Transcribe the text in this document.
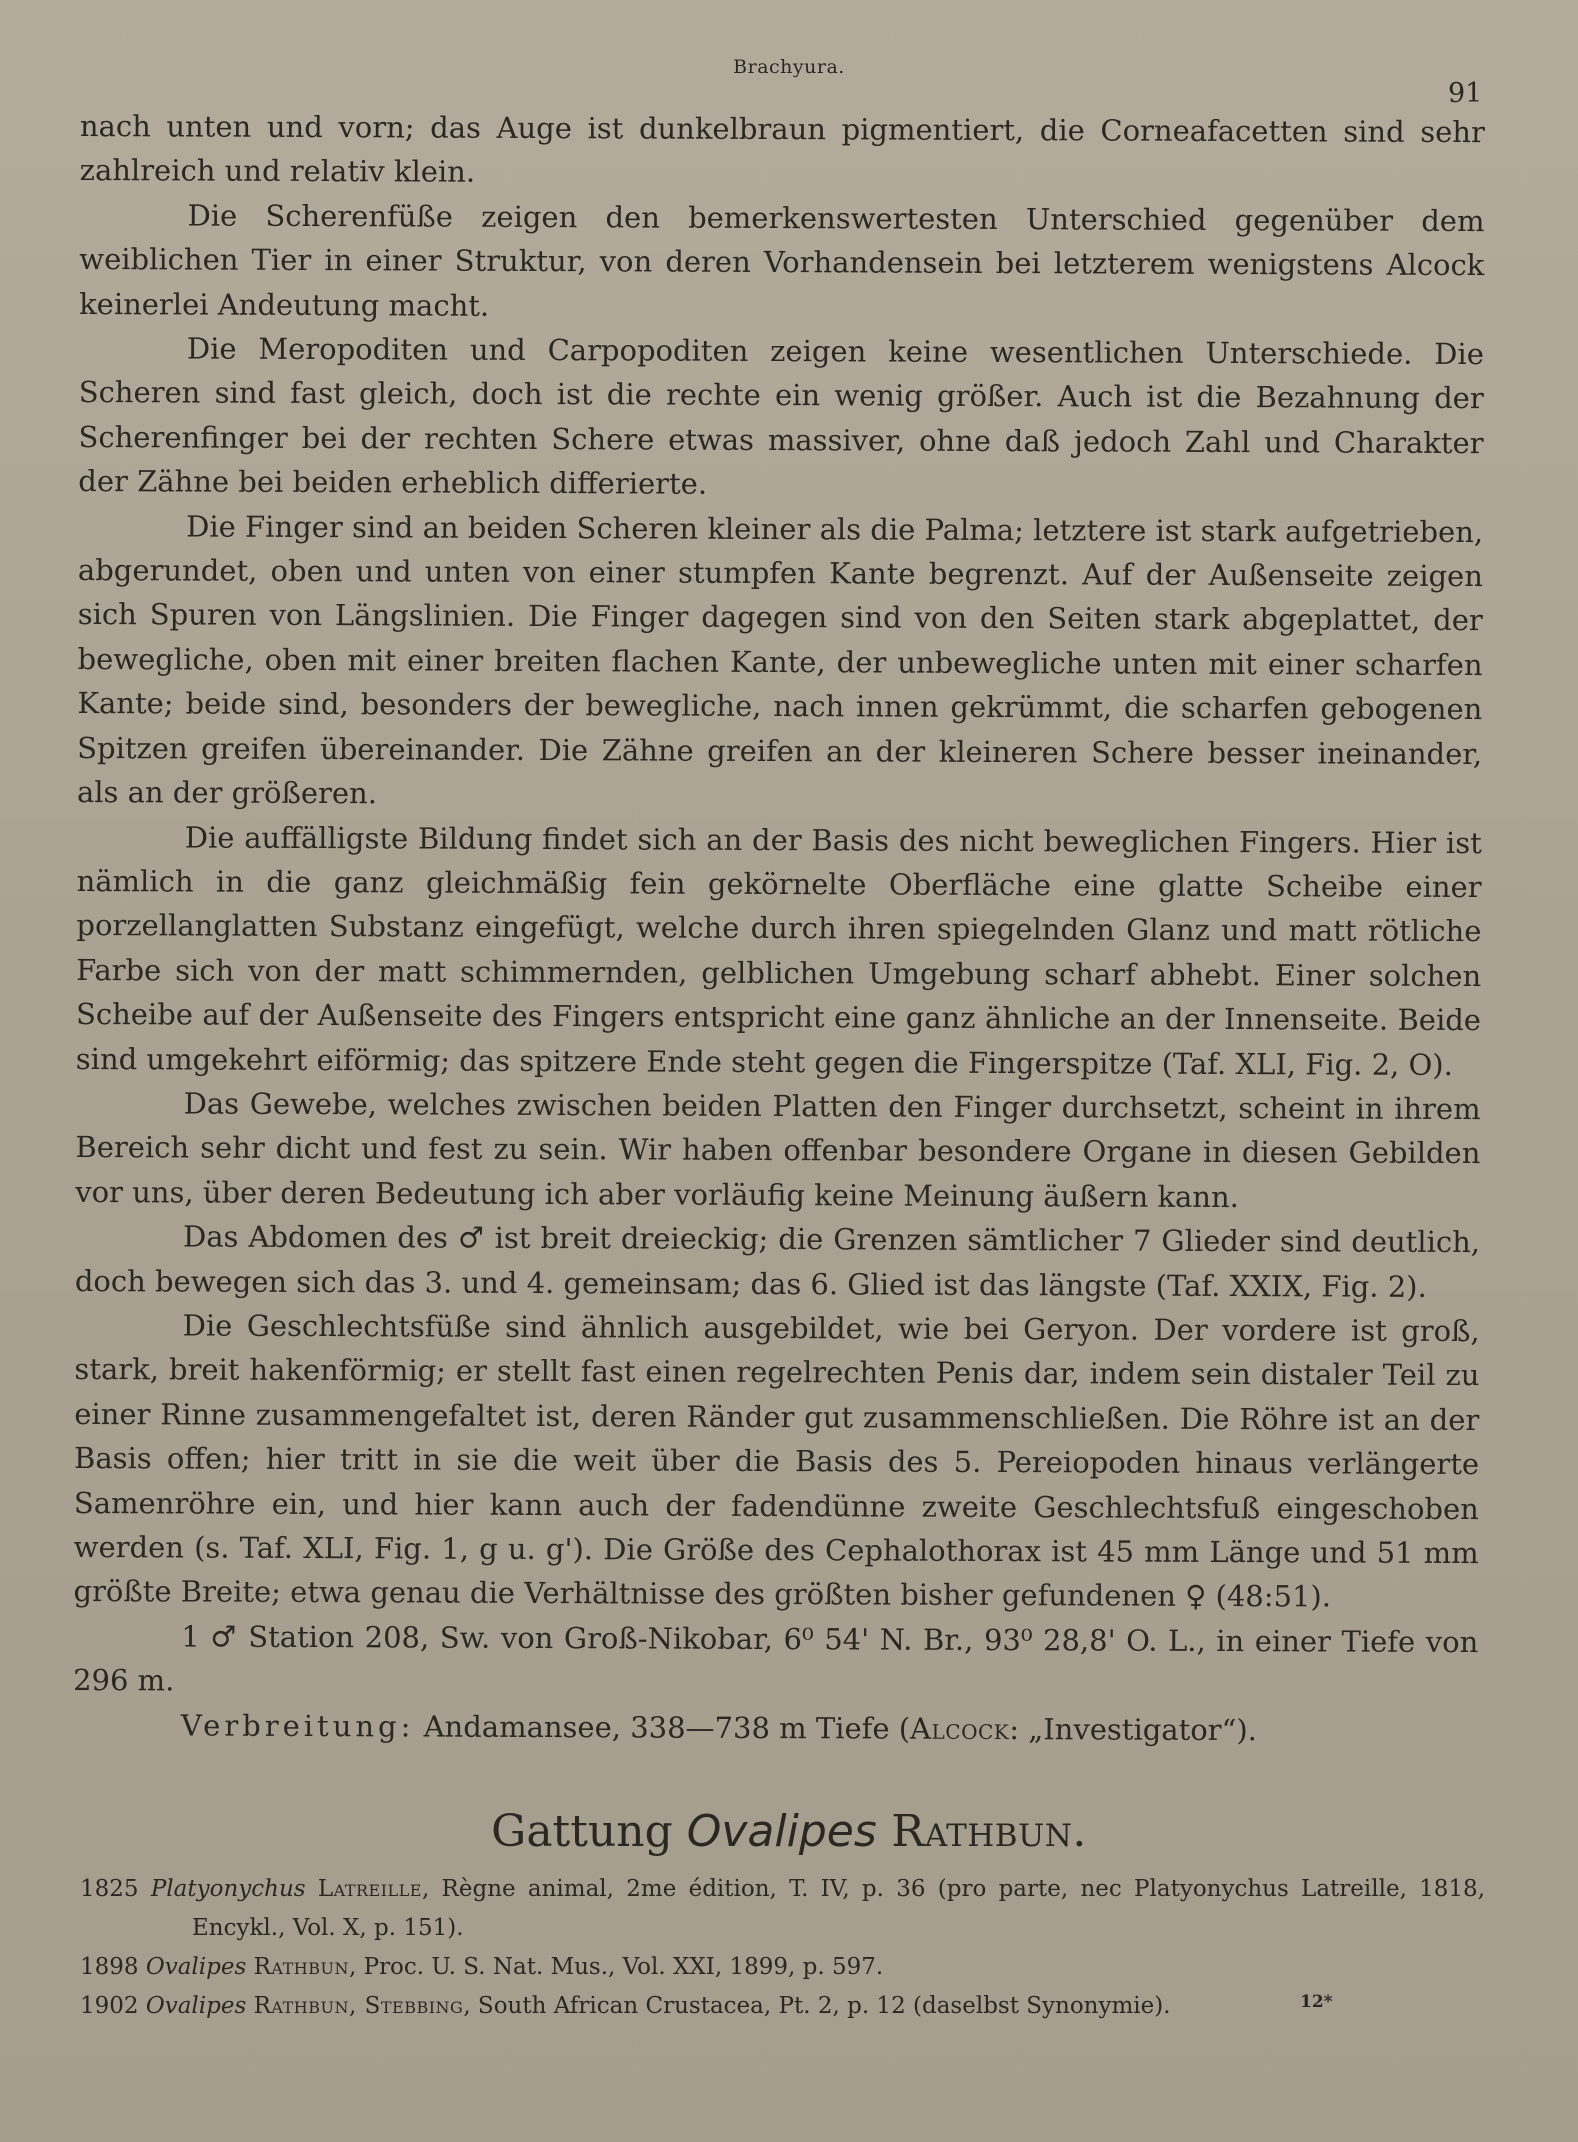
Brachyura.
91

nach unten und vorn; das Auge ist dunkelbraun pigmentiert, die Corneafacetten sind sehr zahlreich und relativ klein.

Die Scherenfüße zeigen den bemerkenswertesten Unterschied gegenüber dem weiblichen Tier in einer Struktur, von deren Vorhandensein bei letzterem wenigstens Alcock keinerlei Andeutung macht.

Die Meropoditen und Carpopoditen zeigen keine wesentlichen Unterschiede. Die Scheren sind fast gleich, doch ist die rechte ein wenig größer. Auch ist die Bezahnung der Scherenfinger bei der rechten Schere etwas massiver, ohne daß jedoch Zahl und Charakter der Zähne bei beiden erheblich differierte.

Die Finger sind an beiden Scheren kleiner als die Palma; letztere ist stark aufgetrieben, abgerundet, oben und unten von einer stumpfen Kante begrenzt. Auf der Außenseite zeigen sich Spuren von Längslinien. Die Finger dagegen sind von den Seiten stark abgeplattet, der bewegliche, oben mit einer breiten flachen Kante, der unbewegliche unten mit einer scharfen Kante; beide sind, besonders der bewegliche, nach innen gekrümmt, die scharfen gebogenen Spitzen greifen übereinander. Die Zähne greifen an der kleineren Schere besser ineinander, als an der größeren.

Die auffälligste Bildung findet sich an der Basis des nicht beweglichen Fingers. Hier ist nämlich in die ganz gleichmäßig fein gekörnelte Oberfläche eine glatte Scheibe einer porzellanglatten Substanz eingefügt, welche durch ihren spiegelnden Glanz und matt rötliche Farbe sich von der matt schimmernden, gelblichen Umgebung scharf abhebt. Einer solchen Scheibe auf der Außenseite des Fingers entspricht eine ganz ähnliche an der Innenseite. Beide sind umgekehrt eiförmig; das spitzere Ende steht gegen die Fingerspitze (Taf. XLI, Fig. 2, O).

Das Gewebe, welches zwischen beiden Platten den Finger durchsetzt, scheint in ihrem Bereich sehr dicht und fest zu sein. Wir haben offenbar besondere Organe in diesen Gebilden vor uns, über deren Bedeutung ich aber vorläufig keine Meinung äußern kann.

Das Abdomen des ♂ ist breit dreieckig; die Grenzen sämtlicher 7 Glieder sind deutlich, doch bewegen sich das 3. und 4. gemeinsam; das 6. Glied ist das längste (Taf. XXIX, Fig. 2).

Die Geschlechtsfüße sind ähnlich ausgebildet, wie bei Geryon. Der vordere ist groß, stark, breit hakenförmig; er stellt fast einen regelrechten Penis dar, indem sein distaler Teil zu einer Rinne zusammengefaltet ist, deren Ränder gut zusammenschließen. Die Röhre ist an der Basis offen; hier tritt in sie die weit über die Basis des 5. Pereiopoden hinaus verlängerte Samenröhre ein, und hier kann auch der fadendünne zweite Geschlechtsfuß eingeschoben werden (s. Taf. XLI, Fig. 1, g u. g'). Die Größe des Cephalothorax ist 45 mm Länge und 51 mm größte Breite; etwa genau die Verhältnisse des größten bisher gefundenen ♀ (48:51).

1 ♂ Station 208, Sw. von Groß-Nikobar, 6⁰ 54' N. Br., 93⁰ 28,8' O. L., in einer Tiefe von 296 m.

Verbreitung: Andamansee, 338—738 m Tiefe (Alcock: „Investigator“).

Gattung Ovalipes Rathbun.
1825 Platyonychus Latreille, Règne animal, 2me édition, T. IV, p. 36 (pro parte, nec Platyonychus Latreille, 1818, Encykl., Vol. X, p. 151).
1898 Ovalipes Rathbun, Proc. U. S. Nat. Mus., Vol. XXI, 1899, p. 597.
1902 Ovalipes Rathbun, Stebbing, South African Crustacea, Pt. 2, p. 12 (daselbst Synonymie).	12*
